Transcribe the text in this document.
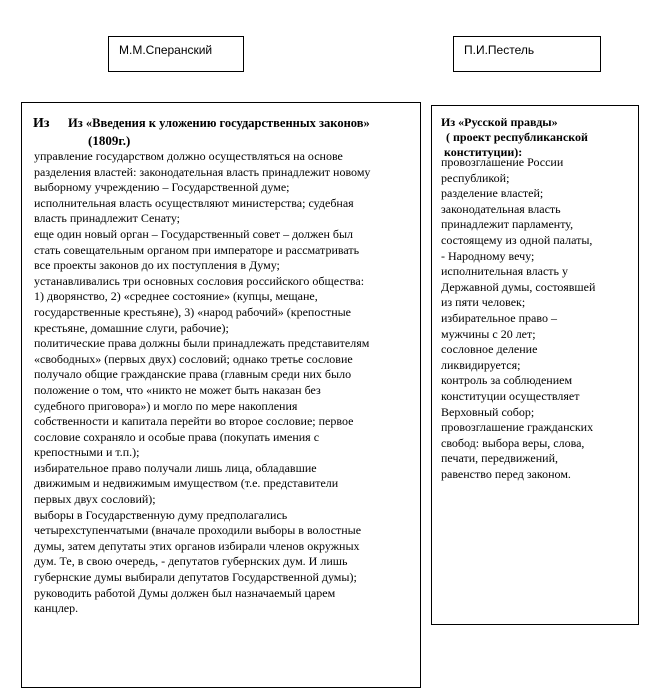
М.М.Сперанский	П.И.Пестель
Из Из «Введения к уложению государственных законов»
(1809г.)
управление государством должно осуществляться на основе
разделения властей: законодательная власть принадлежит новому
выборному учреждению – Государственной думе;
исполнительная власть осуществляют министерства; судебная
власть принадлежит Сенату;
еще один новый орган – Государственный совет – должен был
стать совещательным органом при императоре и рассматривать
все проекты законов до их поступления в Думу;
устанавливались три основных сословия российского общества:
1) дворянство, 2) «среднее состояние» (купцы, мещане,
государственные крестьяне), 3) «народ рабочий» (крепостные
крестьяне, домашние слуги, рабочие);
политические права должны были принадлежать представителям
«свободных» (первых двух) сословий; однако третье сословие
получало общие гражданские права (главным среди них было
положение о том, что «никто не может быть наказан без
судебного приговора») и могло по мере накопления
собственности и капитала перейти во второе сословие; первое
сословие сохраняло и особые права (покупать имения с
крепостными и т.п.);
избирательное право получали лишь лица, обладавшие
движимым и недвижимым имуществом (т.е. представители
первых двух сословий);
выборы в Государственную думу предполагались
четырехступенчатыми (вначале проходили выборы в волостные
думы, затем депутаты этих органов избирали членов окружных
дум. Те, в свою очередь, - депутатов губернских дум. И лишь
губернские думы выбирали депутатов Государственной думы);
руководить работой Думы должен был назначаемый царем
канцлер.
Из «Русской правды»
( проект республиканской
конституции):
провозглашение России
республикой;
разделение властей;
законодательная власть
принадлежит парламенту,
состоящему из одной палаты,
- Народному вечу;
исполнительная власть у
Державной думы, состоявшей
из пяти человек;
избирательное право –
мужчины с 20 лет;
сословное деление
ликвидируется;
контроль за соблюдением
конституции осуществляет
Верховный собор;
провозглашение гражданских
свобод: выбора веры, слова,
печати, передвижений,
равенство перед законом.
